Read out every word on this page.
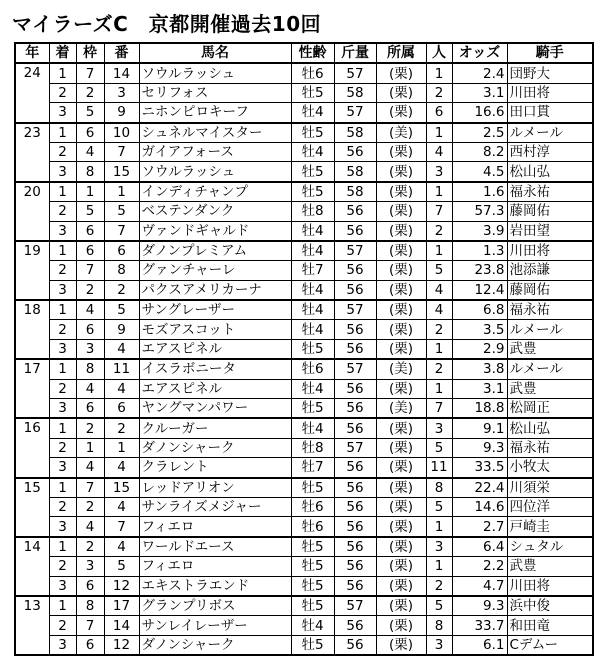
マイラーズC　京都開催過去10回
年	着	枠	番	馬名	性齢	斤量	所属	人	オッズ	騎手
24	1	7	14	ソウルラッシュ	牡6	57	(栗)	1	2.4	団野大
	2	2	3	セリフォス	牡5	58	(栗)	2	3.1	川田将
	3	5	9	ニホンピロキーフ	牡4	57	(栗)	6	16.6	田口貫
23	1	6	10	シュネルマイスター	牡5	58	(美)	1	2.5	ルメール
	2	4	7	ガイアフォース	牡4	56	(栗)	4	8.2	西村淳
	3	8	15	ソウルラッシュ	牡5	58	(栗)	3	4.5	松山弘
20	1	1	1	インディチャンプ	牡5	58	(栗)	1	1.6	福永祐
	2	5	5	ベステンダンク	牡8	56	(栗)	7	57.3	藤岡佑
	3	6	7	ヴァンドギャルド	牡4	56	(栗)	2	3.9	岩田望
19	1	6	6	ダノンプレミアム	牡4	57	(栗)	1	1.3	川田将
	2	7	8	グァンチャーレ	牡7	56	(栗)	5	23.8	池添謙
	3	2	2	パクスアメリカーナ	牡4	56	(栗)	4	12.4	藤岡佑
18	1	4	5	サングレーザー	牡4	57	(栗)	4	6.8	福永祐
	2	6	9	モズアスコット	牡4	56	(栗)	2	3.5	ルメール
	3	3	4	エアスピネル	牡5	56	(栗)	1	2.9	武豊
17	1	8	11	イスラボニータ	牡6	57	(美)	2	3.8	ルメール
	2	4	4	エアスピネル	牡4	56	(栗)	1	3.1	武豊
	3	6	6	ヤングマンパワー	牡5	56	(美)	7	18.8	松岡正
16	1	2	2	クルーガー	牡4	56	(栗)	3	9.1	松山弘
	2	1	1	ダノンシャーク	牡8	57	(栗)	5	9.3	福永祐
	3	4	4	クラレント	牡7	56	(栗)	11	33.5	小牧太
15	1	7	15	レッドアリオン	牡5	56	(栗)	8	22.4	川須栄
	2	2	4	サンライズメジャー	牡6	56	(栗)	5	14.6	四位洋
	3	4	7	フィエロ	牡6	56	(栗)	1	2.7	戸崎圭
14	1	2	4	ワールドエース	牡5	56	(栗)	3	6.4	シュタル
	2	3	5	フィエロ	牡5	56	(栗)	1	2.2	武豊
	3	6	12	エキストラエンド	牡5	56	(栗)	2	4.7	川田将
13	1	8	17	グランプリボス	牡5	57	(栗)	5	9.3	浜中俊
	2	7	14	サンレイレーザー	牡4	56	(栗)	8	33.7	和田竜
	3	6	12	ダノンシャーク	牡5	56	(栗)	3	6.1	Cデムー
